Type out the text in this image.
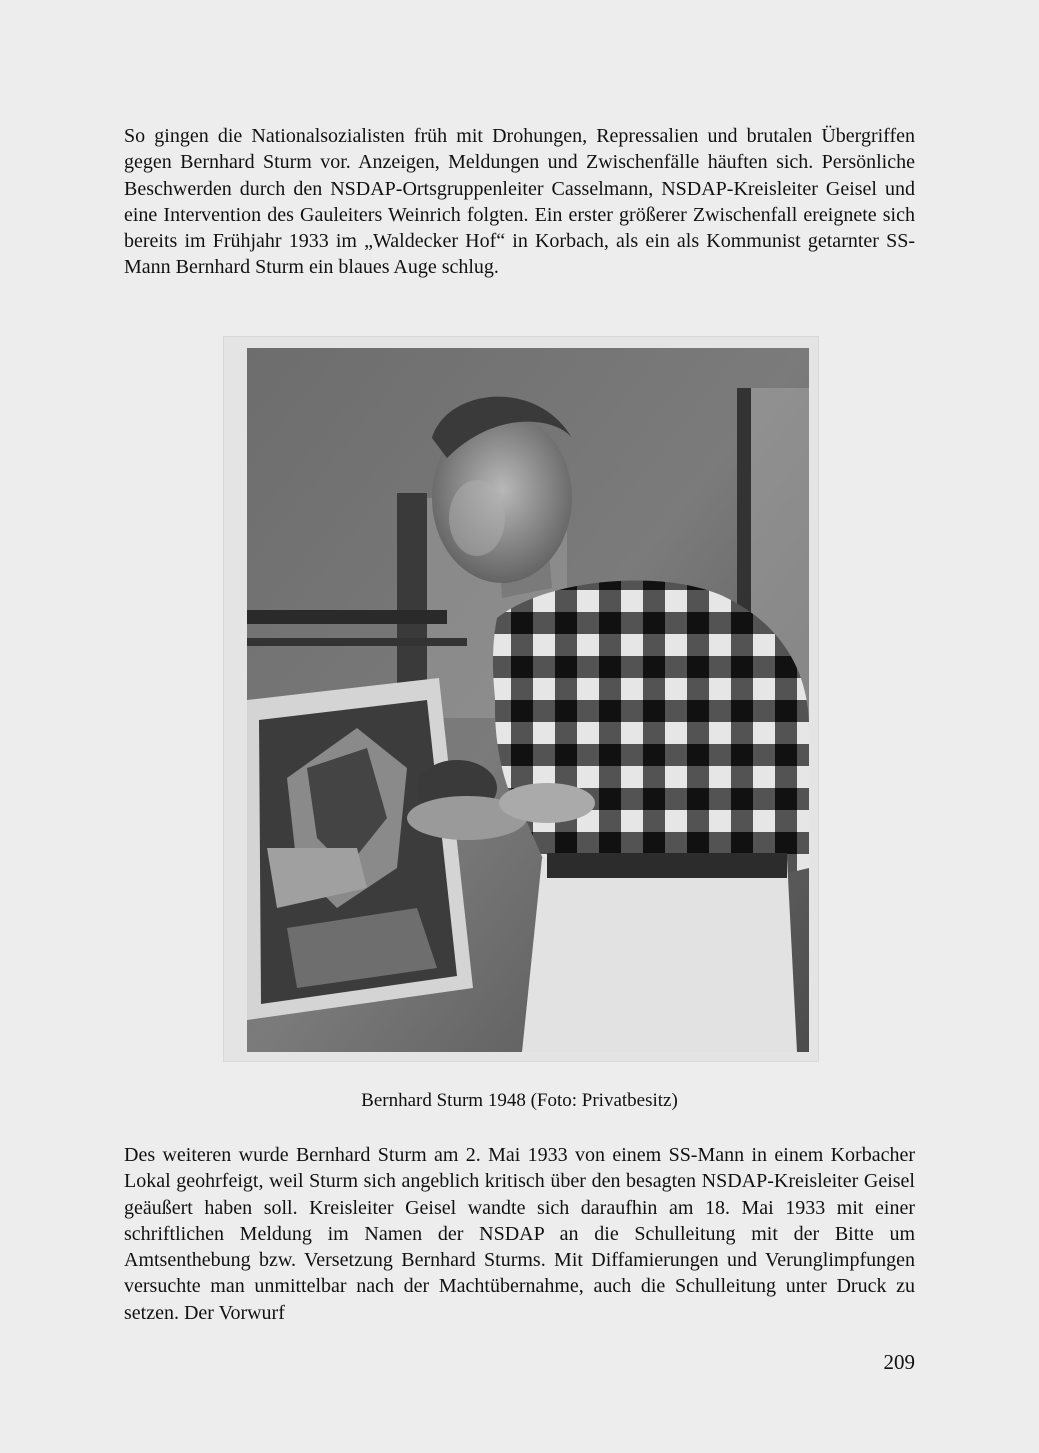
So gingen die Nationalsozialisten früh mit Drohungen, Repressalien und brutalen Übergriffen gegen Bernhard Sturm vor. Anzeigen, Meldungen und Zwischenfälle häuften sich. Persönliche Beschwerden durch den NSDAP-Ortsgruppenleiter Casselmann, NSDAP-Kreisleiter Geisel und eine Intervention des Gauleiters Weinrich folgten. Ein erster größerer Zwischenfall ereignete sich bereits im Frühjahr 1933 im „Waldecker Hof“ in Korbach, als ein als Kommunist getarnter SS-Mann Bernhard Sturm ein blaues Auge schlug.

Bernhard Sturm 1948 (Foto: Privatbesitz)

Des weiteren wurde Bernhard Sturm am 2. Mai 1933 von einem SS-Mann in einem Korbacher Lokal geohrfeigt, weil Sturm sich angeblich kritisch über den besagten NSDAP-Kreisleiter Geisel geäußert haben soll. Kreisleiter Geisel wandte sich daraufhin am 18. Mai 1933 mit einer schriftlichen Meldung im Namen der NSDAP an die Schulleitung mit der Bitte um Amtsenthebung bzw. Versetzung Bernhard Sturms. Mit Diffamierungen und Verunglimpfungen versuchte man unmittelbar nach der Machtübernahme, auch die Schulleitung unter Druck zu setzen. Der Vorwurf

209
